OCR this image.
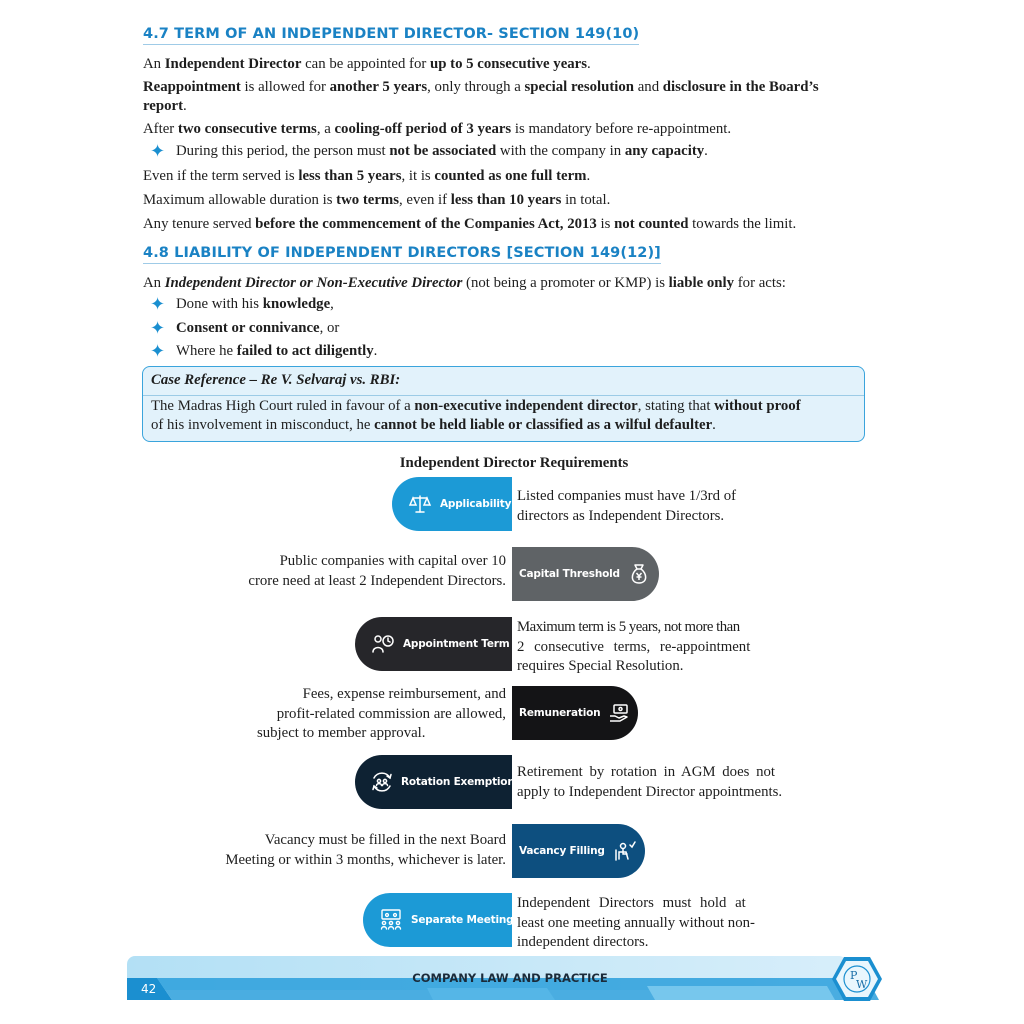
4.7 TERM OF AN INDEPENDENT DIRECTOR- SECTION 149(10)
An Independent Director can be appointed for up to 5 consecutive years.
Reappointment is allowed for another 5 years, only through a special resolution and disclosure in the Board’s
report.
After two consecutive terms, a cooling-off period of 3 years is mandatory before re-appointment.
✦ During this period, the person must not be associated with the company in any capacity.
Even if the term served is less than 5 years, it is counted as one full term.
Maximum allowable duration is two terms, even if less than 10 years in total.
Any tenure served before the commencement of the Companies Act, 2013 is not counted towards the limit.
4.8 LIABILITY OF INDEPENDENT DIRECTORS [SECTION 149(12)]
An Independent Director or Non-Executive Director (not being a promoter or KMP) is liable only for acts:
✦ Done with his knowledge,
✦ Consent or connivance, or
✦ Where he failed to act diligently.
Case Reference – Re V. Selvaraj vs. RBI:
The Madras High Court ruled in favour of a non-executive independent director, stating that without proof
of his involvement in misconduct, he cannot be held liable or classified as a wilful defaulter.
Independent Director Requirements
Applicability Listed companies must have 1/3rd of
directors as Independent Directors.
Capital Threshold
Public companies with capital over 10
crore need at least 2 Independent Directors.
Appointment Term
Maximum term is 5 years, not more than
2 consecutive terms, re-appointment
requires Special Resolution.
Remuneration
Fees, expense reimbursement, and
profit-related commission are allowed,
subject to member approval.
Rotation Exemption
Retirement by rotation in AGM does not
apply to Independent Director appointments.
Vacancy Filling
Vacancy must be filled in the next Board
Meeting or within 3 months, whichever is later.
Separate Meeting
Independent Directors must hold at
least one meeting annually without non-
independent directors.
42
COMPANY LAW AND PRACTICE	P
W
